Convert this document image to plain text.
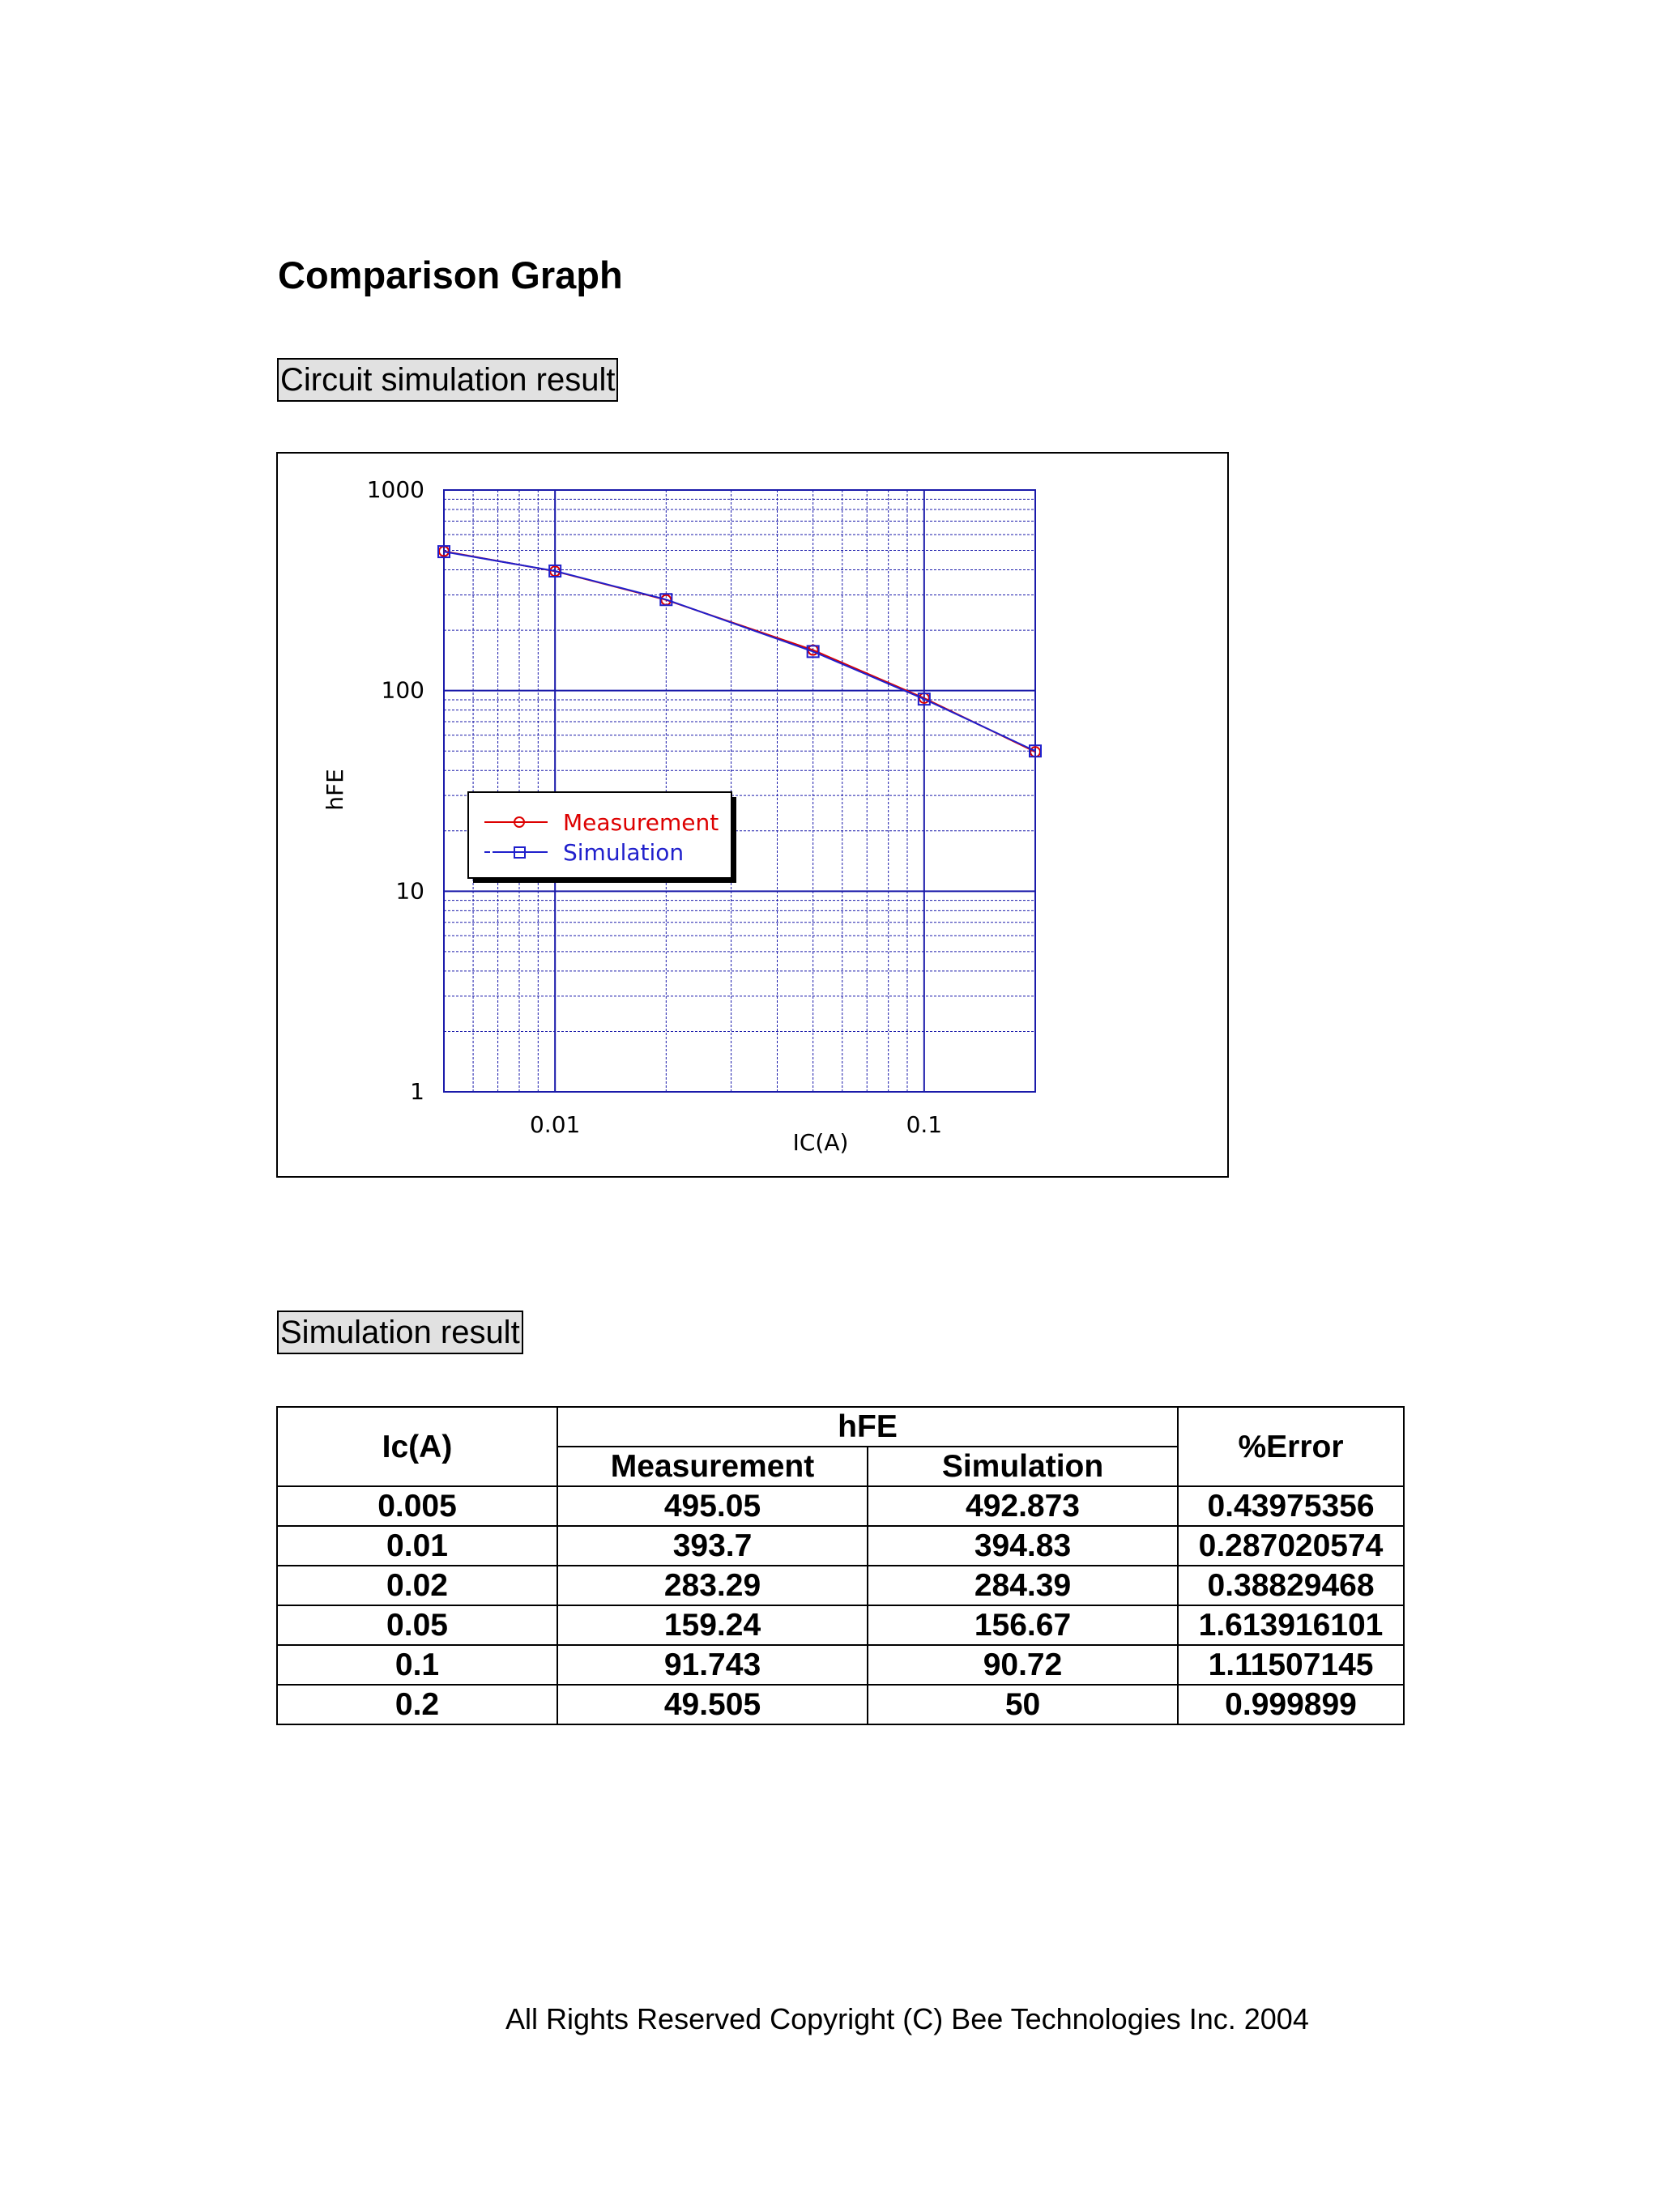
Comparison Graph
Circuit simulation result
1
10
100
1000
0.01	0.1
IC(A)
hFE
Measurement
Simulation
Simulation result
Ic(A)	hFE		%Error
	Measurement	Simulation	
0.005	495.05	492.873	0.43975356
0.01	393.7	394.83	0.287020574
0.02	283.29	284.39	0.38829468
0.05	159.24	156.67	1.613916101
0.1	91.743	90.72	1.11507145
0.2	49.505	50	0.999899
All Rights Reserved Copyright (C) Bee Technologies Inc. 2004
